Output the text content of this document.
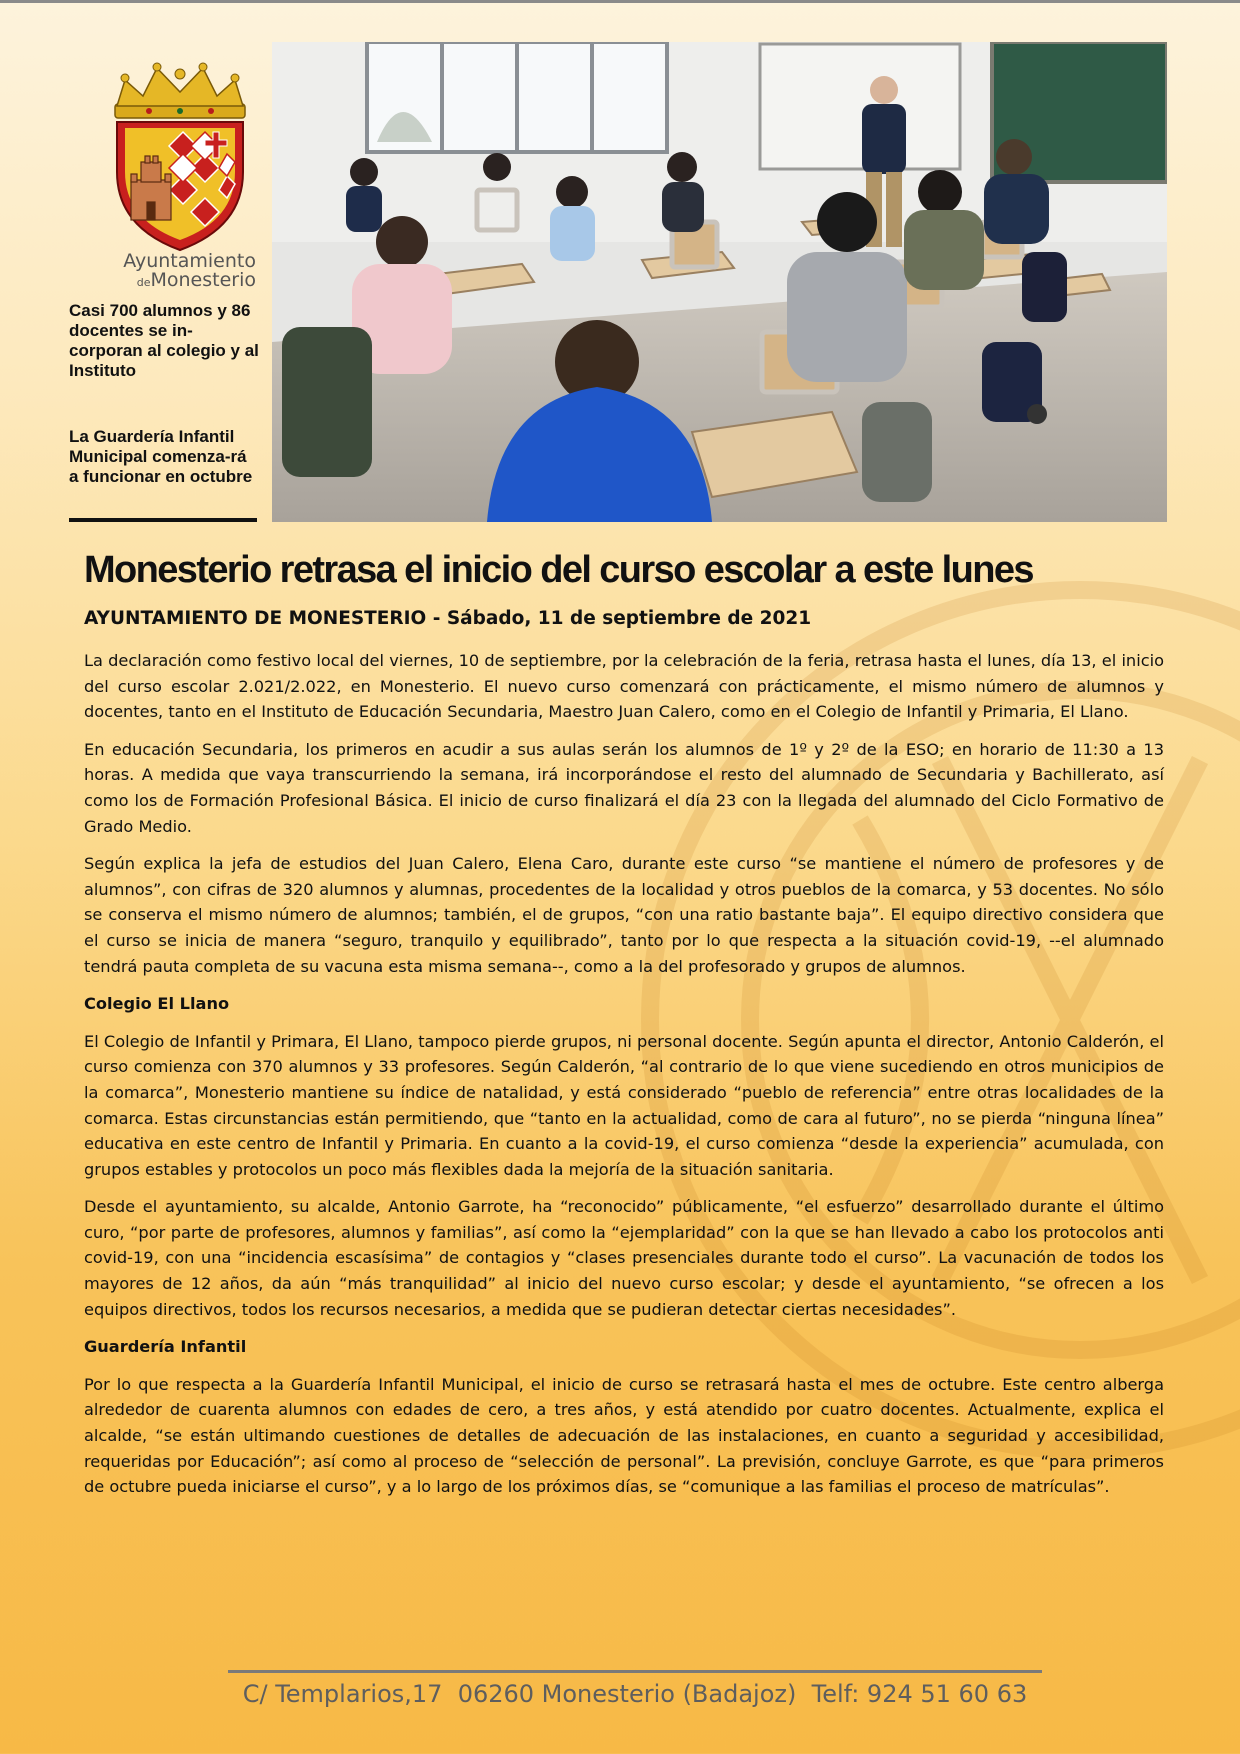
Ayuntamiento
deMonesterio
Casi 700 alumnos y 86 docentes se in-corporan al colegio y al Instituto
La Guardería Infantil Municipal comenza-rá a funcionar en octubre
Monesterio retrasa el inicio del curso escolar a este lunes
AYUNTAMIENTO DE MONESTERIO - Sábado, 11 de septiembre de 2021

La declaración como festivo local del viernes, 10 de septiembre, por la celebración de la feria, retrasa hasta el lunes, día 13, el inicio del curso escolar 2.021/2.022, en Monesterio. El nuevo curso comenzará con prácticamente, el mismo número de alumnos y docentes, tanto en el Instituto de Educación Secundaria, Maestro Juan Calero, como en el Colegio de Infantil y Primaria, El Llano.

En educación Secundaria, los primeros en acudir a sus aulas serán los alumnos de 1º y 2º de la ESO; en horario de 11:30 a 13 horas. A medida que vaya transcurriendo la semana, irá incorporándose el resto del alumnado de Secundaria y Bachillerato, así como los de Formación Profesional Básica. El inicio de curso finalizará el día 23 con la llegada del alumnado del Ciclo Formativo de Grado Medio.

Según explica la jefa de estudios del Juan Calero, Elena Caro, durante este curso “se mantiene el número de profesores y de alumnos”, con cifras de 320 alumnos y alumnas, procedentes de la localidad y otros pueblos de la comarca, y 53 docentes. No sólo se conserva el mismo número de alumnos; también, el de grupos, “con una ratio bastante baja”. El equipo directivo considera que el curso se inicia de manera “seguro, tranquilo y equilibrado”, tanto por lo que respecta a la situación covid-19, --el alumnado tendrá pauta completa de su vacuna esta misma semana--, como a la del profesorado y grupos de alumnos.

Colegio El Llano

El Colegio de Infantil y Primara, El Llano, tampoco pierde grupos, ni personal docente. Según apunta el director, Antonio Calderón, el curso comienza con 370 alumnos y 33 profesores. Según Calderón, “al contrario de lo que viene sucediendo en otros municipios de la comarca”, Monesterio mantiene su índice de natalidad, y está considerado “pueblo de referencia” entre otras localidades de la comarca. Estas circunstancias están permitiendo, que “tanto en la actualidad, como de cara al futuro”, no se pierda “ninguna línea” educativa en este centro de Infantil y Primaria. En cuanto a la covid-19, el curso comienza “desde la experiencia” acumulada, con grupos estables y protocolos un poco más flexibles dada la mejoría de la situación sanitaria.

Desde el ayuntamiento, su alcalde, Antonio Garrote, ha “reconocido” públicamente, “el esfuerzo” desarrollado durante el último curo, “por parte de profesores, alumnos y familias”, así como la “ejemplaridad” con la que se han llevado a cabo los protocolos anti covid-19, con una “incidencia escasísima” de contagios y “clases presenciales durante todo el curso”. La vacunación de todos los mayores de 12 años, da aún “más tranquilidad” al inicio del nuevo curso escolar; y desde el ayuntamiento, “se ofrecen a los equipos directivos, todos los recursos necesarios, a medida que se pudieran detectar ciertas necesidades”.

Guardería Infantil

Por lo que respecta a la Guardería Infantil Municipal, el inicio de curso se retrasará hasta el mes de octubre. Este centro alberga alrededor de cuarenta alumnos con edades de cero, a tres años, y está atendido por cuatro docentes. Actualmente, explica el alcalde, “se están ultimando cuestiones de detalles de adecuación de las instalaciones, en cuanto a seguridad y accesibilidad, requeridas por Educación”; así como al proceso de “selección de personal”. La previsión, concluye Garrote, es que “para primeros de octubre pueda iniciarse el curso”, y a lo largo de los próximos días, se “comunique a las familias el proceso de matrículas”.

C/ Templarios,17  06260 Monesterio (Badajoz)  Telf: 924 51 60 63
